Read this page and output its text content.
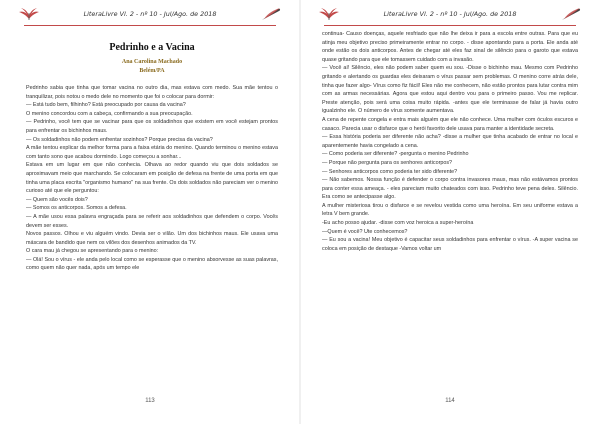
LiteraLivre Vl. 2 - nº 10 - Jul/Ago. de 2018
Pedrinho e a Vacina
Ana Carolina Machado
Belém/PA

Pedrinho sabia que tinha que tomar vacina no outro dia, mas estava com medo. Sua mãe tentou o tranquilizar, pois notou o medo dele no momento que foi o colocar para dormir:

— Está tudo bem, filhinho? Está preocupado por causa da vacina?

O menino concordou com a cabeça, confirmando a sua preocupação.

— Pedrinho, você tem que se vacinar para que os soldadinhos que existem em você estejam prontos para enfrentar os bichinhos maus.

— Os soldadinhos não podem enfrentar sozinhos? Porque precisa da vacina?

A mãe tentou explicar da melhor forma para a faixa etária do menino. Quando terminou o menino estava com tanto sono que acabou dormindo. Logo começou a sonhar...

Estava em um lugar em que não conhecia. Olhava ao redor quando viu que dois soldados se aproximavam meio que marchando. Se colocaram em posição de defesa na frente de uma porta em que tinha uma placa escrita "organismo humano" na sua frente. Os dois soldados não pareciam ver o menino curioso até que ele perguntou:

— Quem são vocês dois?

— Somos os anticorpos. Somos a defesa.

— A mãe usou essa palavra engraçada para se referir aos soldadinhos que defendem o corpo. Vocês devem ser esses.

Novos passos. Olhou e viu alguém vindo. Devia ser o vilão. Um dos bichinhos maus. Ele usava uma máscara de bandido que nem os vilões dos desenhos animados da TV.

O cara mau já chegou se apresentando para o menino:

— Olá! Sou o vírus - ele anda pelo local como se esperasse que o menino absorvesse as suas palavras, como quem não quer nada, após um tempo ele

113
LiteraLivre Vl. 2 - nº 10 - Jul/Ago. de 2018

continua- Causo doenças, aquele resfriado que não lhe deixa ir para a escola entre outras. Para que eu atinja meu objetivo preciso primeiramente entrar no corpo. - disse apontando para a porta. Ele anda até onde estão os dois anticorpos. Antes de chegar até eles faz sinal de silêncio para o garoto que estava quase gritando para que ele tomassem cuidado com a invasão.

— Você aí! Silêncio, eles não podem saber quem eu sou. -Disse o bichinho mau. Mesmo com Pedrinho gritando e alertando os guardas eles deixaram o vírus passar sem problemas. O menino corre atrás dele, tinha que fazer algo- Vírus como fiz fácil! Eles não me conhecem, não estão prontos para lutar contra mim com as armas necessárias. Agora que estou aqui dentro vou para o primeiro passo. Vou me replicar. Preste atenção, pois será uma coisa muito rápida. -antes que ele terminasse de falar já havia outro igualzinho ele. O número de vírus somente aumentava.

A cena de repente congela e entra mais alguém que ele não conhece. Uma mulher com óculos escuros e casaco. Parecia usar o disfarce que o herói favorito dele usava para manter a identidade secreta.

— Essa história poderia ser diferente não acha? -disse a mulher que tinha acabado de entrar no local e aparentemente havia congelado a cena.

— Como poderia ser diferente? -pergunta o menino Pedrinho

— Porque não pergunta para os senhores anticorpos?

— Senhores anticorpos como poderia ter sido diferente?

— Não sabemos. Nossa função é defender o corpo contra invasores maus, mas não estávamos prontos para conter essa ameaça. - eles pareciam muito chateados com isso. Pedrinho teve pena deles. Silêncio. Era como se antecipasse algo.

A mulher misteriosa tirou o disfarce e se revelou vestida como uma heroína. Em seu uniforme estava a letra V bem grande.

-Eu acho posso ajudar. -disse com voz heroica a super-heroína

—Quem é você? Ute conhecemos?

— Eu sou a vacina! Meu objetivo é capacitar seus soldadinhos para enfrentar o vírus. -A super vacina se coloca em posição de destaque -Vamos voltar um

114
